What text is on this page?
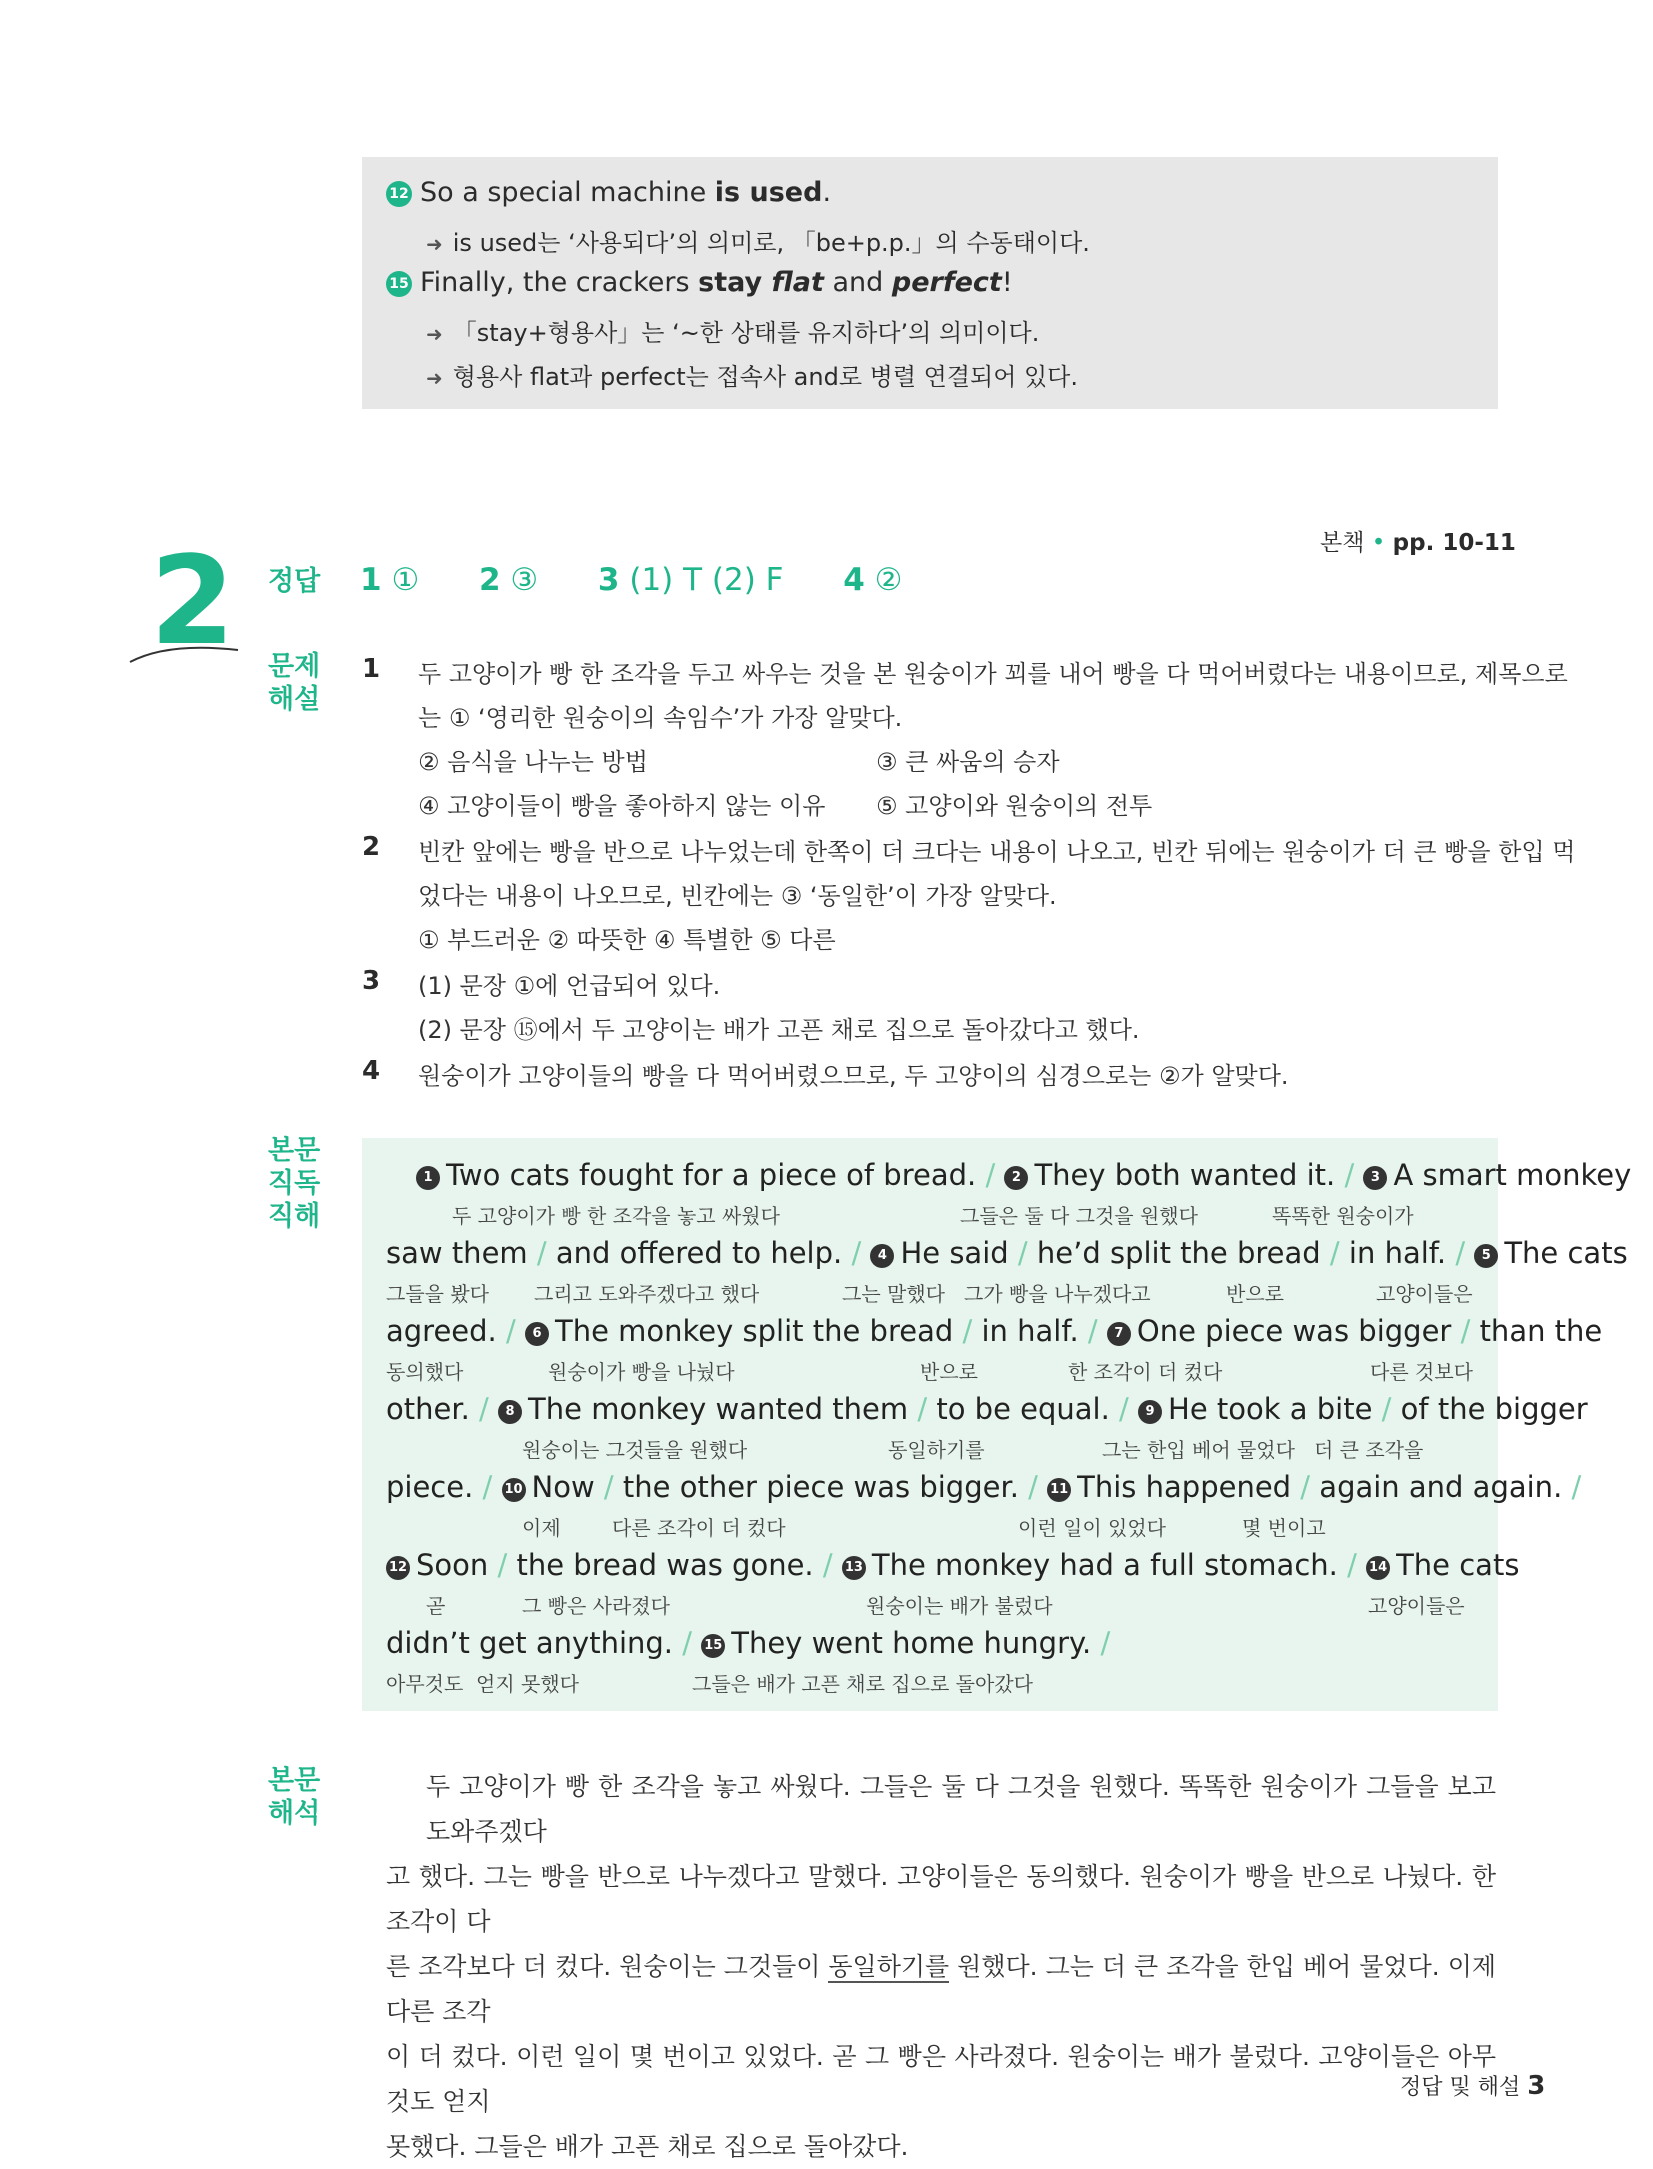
12 So a special machine is used.
➜ is used는 ‘사용되다’의 의미로, 「be+p.p.」의 수동태이다.
15 Finally, the crackers stay flat and perfect!
➜ 「stay+형용사」는 ‘~한 상태를 유지하다’의 의미이다.
➜ 형용사 flat과 perfect는 접속사 and로 병렬 연결되어 있다.
본책 • pp. 10-11
2 정답 1 ① 2 ③ 3 (1) T (2) F 4 ②
문제
해설
1 두 고양이가 빵 한 조각을 두고 싸우는 것을 본 원숭이가 꾀를 내어 빵을 다 먹어버렸다는 내용이므로, 제목으로
는 ① ‘영리한 원숭이의 속임수’가 가장 알맞다.
② 음식을 나누는 방법	③ 큰 싸움의 승자
④ 고양이들이 빵을 좋아하지 않는 이유 ⑤ 고양이와 원숭이의 전투
2 빈칸 앞에는 빵을 반으로 나누었는데 한쪽이 더 크다는 내용이 나오고, 빈칸 뒤에는 원숭이가 더 큰 빵을 한입 먹
었다는 내용이 나오므로, 빈칸에는 ③ ‘동일한’이 가장 알맞다.
① 부드러운 ② 따뜻한 ④ 특별한 ⑤ 다른
3 (1) 문장 ①에 언급되어 있다.
(2) 문장 ⑮에서 두 고양이는 배가 고픈 채로 집으로 돌아갔다고 했다.
4 원숭이가 고양이들의 빵을 다 먹어버렸으므로, 두 고양이의 심경으로는 ②가 알맞다.
본문
직독
직해
1 Two cats fought for a piece of bread. / 2 They both wanted it. / 3 A smart monkey
두 고양이가 빵 한 조각을 놓고 싸웠다	그들은 둘 다 그것을 원했다	똑똑한 원숭이가
saw them / and offered to help. / 4 He said / he’d split the bread / in half. / 5 The cats
그들을 봤다 그리고 도와주겠다고 했다	그는 말했다 그가 빵을 나누겠다고	반으로	고양이들은
agreed. / 6 The monkey split the bread / in half. / 7 One piece was bigger / than the
동의했다	원숭이가 빵을 나눴다	반으로	한 조각이 더 컸다	다른 것보다
other. / 8 The monkey wanted them / to be equal. / 9 He took a bite / of the bigger
원숭이는 그것들을 원했다	동일하기를	그는 한입 베어 물었다 더 큰 조각을
piece. / 10 Now / the other piece was bigger. / 11 This happened / again and again. /
이제	다른 조각이 더 컸다	이런 일이 있었다	몇 번이고
12 Soon / the bread was gone. / 13 The monkey had a full stomach. / 14 The cats
곧	그 빵은 사라졌다	원숭이는 배가 불렀다	고양이들은
didn’t get anything. / 15 They went home hungry. /
아무것도 얻지 못했다	그들은 배가 고픈 채로 집으로 돌아갔다
본문
해석
두 고양이가 빵 한 조각을 놓고 싸웠다. 그들은 둘 다 그것을 원했다. 똑똑한 원숭이가 그들을 보고 도와주겠다
고 했다. 그는 빵을 반으로 나누겠다고 말했다. 고양이들은 동의했다. 원숭이가 빵을 반으로 나눴다. 한 조각이 다
른 조각보다 더 컸다. 원숭이는 그것들이 동일하기를 원했다. 그는 더 큰 조각을 한입 베어 물었다. 이제 다른 조각
이 더 컸다. 이런 일이 몇 번이고 있었다. 곧 그 빵은 사라졌다. 원숭이는 배가 불렀다. 고양이들은 아무것도 얻지
못했다. 그들은 배가 고픈 채로 집으로 돌아갔다.
정답 및 해설 3
